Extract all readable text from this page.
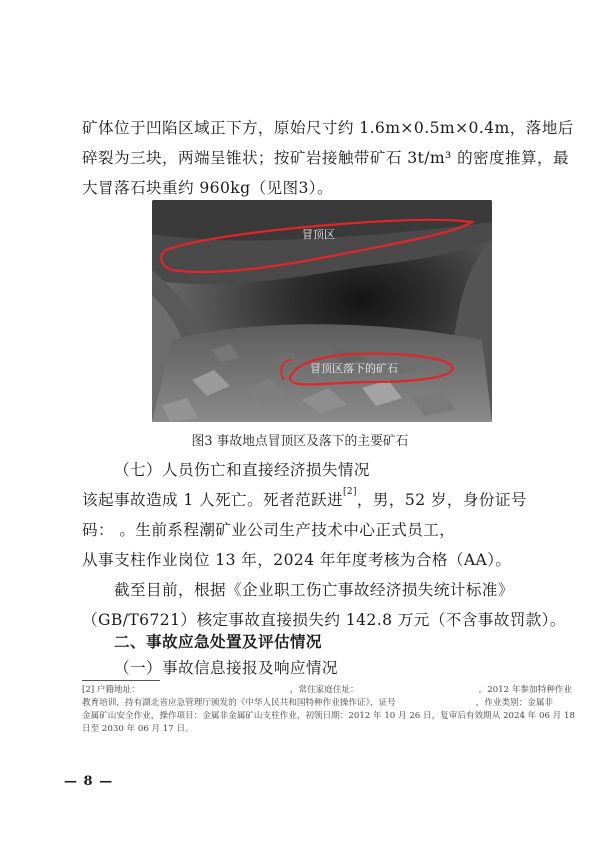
矿体位于凹陷区域正下方，原始尺寸约 1.6m×0.5m×0.4m，落地后
碎裂为三块，两端呈锥状；按矿岩接触带矿石 3t/m³ 的密度推算，最
大冒落石块重约 960kg（见图3）。
冒顶区
冒顶区落下的矿石
图3 事故地点冒顶区及落下的主要矿石
（七）人员伤亡和直接经济损失情况
该起事故造成 1 人死亡。死者范跃进[2]，男，52 岁，身份证号
码： 。生前系程潮矿业公司生产技术中心正式员工，
从事支柱作业岗位 13 年，2024 年年度考核为合格（AA）。
截至目前，根据《企业职工伤亡事故经济损失统计标准》
（GB/T6721）核定事故直接损失约 142.8 万元（不含事故罚款）。
二、事故应急处置及评估情况
（一）事故信息接报及响应情况
[2] 户籍地址：	，常住家庭住址：	。2012 年参加特种作业
教育培训，持有湖北省应急管理厅颁发的《中华人民共和国特种作业操作证》，证号	，作业类别：金属非
金属矿山安全作业，操作项目：金属非金属矿山支柱作业，初领日期：2012 年 10 月 26 日，复审后有效期从 2024 年 06 月 18
日至 2030 年 06 月 17 日。
— 8 —
